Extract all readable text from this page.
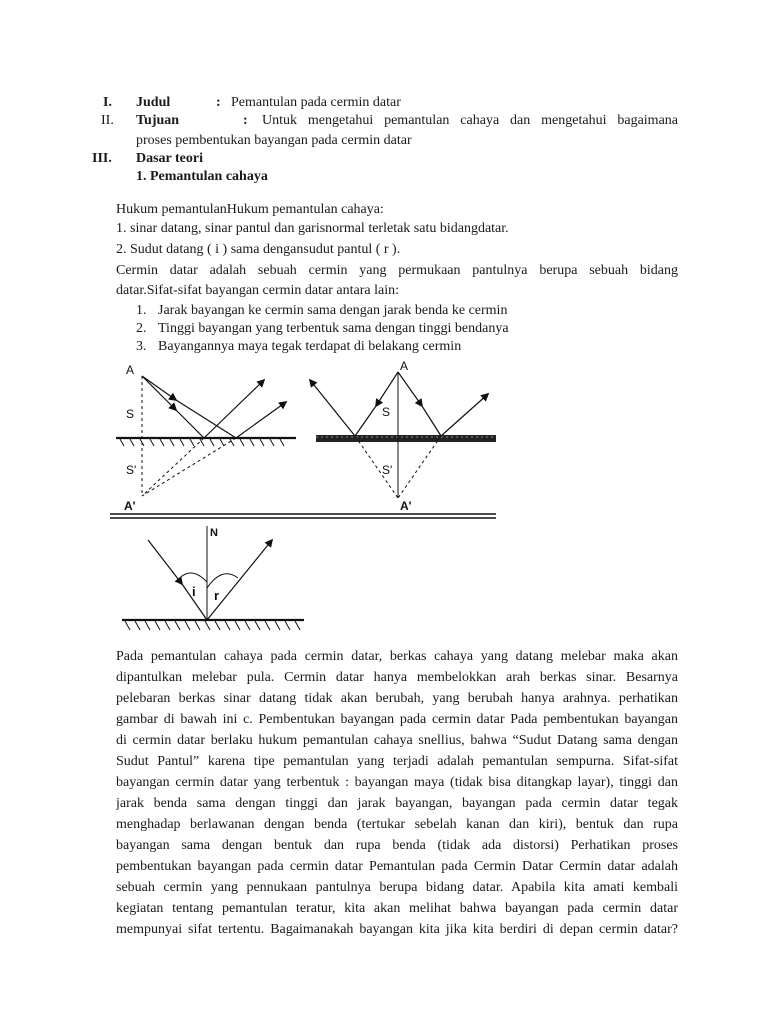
I. Judul	: Pemantulan pada cermin datar
II. Tujuan	: Untuk mengetahui pemantulan cahaya dan mengetahui bagaimana
proses pembentukan bayangan pada cermin datar
III. Dasar teori
1. Pemantulan cahaya
Hukum pemantulanHukum pemantulan cahaya:
1. sinar datang, sinar pantul dan garisnormal terletak satu bidangdatar.
2. Sudut datang ( i ) sama dengansudut pantul ( r ).
Cermin datar adalah sebuah cermin yang permukaan pantulnya berupa sebuah bidang
datar.Sifat-sifat bayangan cermin datar antara lain:
1. Jarak bayangan ke cermin sama dengan jarak benda ke cermin
2. Tinggi bayangan yang terbentuk sama dengan tinggi bendanya
3. Bayangannya maya tegak terdapat di belakang cermin
A
S
S'
A'
A
S
S'
A'
N
i r
Pada pemantulan cahaya pada cermin datar, berkas cahaya yang datang melebar maka akan
dipantulkan melebar pula. Cermin datar hanya membelokkan arah berkas sinar. Besarnya
pelebaran berkas sinar datang tidak akan berubah, yang berubah hanya arahnya. perhatikan
gambar di bawah ini c. Pembentukan bayangan pada cermin datar Pada pembentukan bayangan
di cermin datar berlaku hukum pemantulan cahaya snellius, bahwa “Sudut Datang sama dengan
Sudut Pantul” karena tipe pemantulan yang terjadi adalah pemantulan sempurna. Sifat-sifat
bayangan cermin datar yang terbentuk : bayangan maya (tidak bisa ditangkap layar), tinggi dan
jarak benda sama dengan tinggi dan jarak bayangan, bayangan pada cermin datar tegak
menghadap berlawanan dengan benda (tertukar sebelah kanan dan kiri), bentuk dan rupa
bayangan sama dengan bentuk dan rupa benda (tidak ada distorsi) Perhatikan proses
pembentukan bayangan pada cermin datar Pemantulan pada Cermin Datar Cermin datar adalah
sebuah cermin yang pennukaan pantulnya berupa bidang datar. Apabila kita amati kembali
kegiatan tentang pemantulan teratur, kita akan melihat bahwa bayangan pada cermin datar
mempunyai sifat tertentu. Bagaimanakah bayangan kita jika kita berdiri di depan cermin datar?
